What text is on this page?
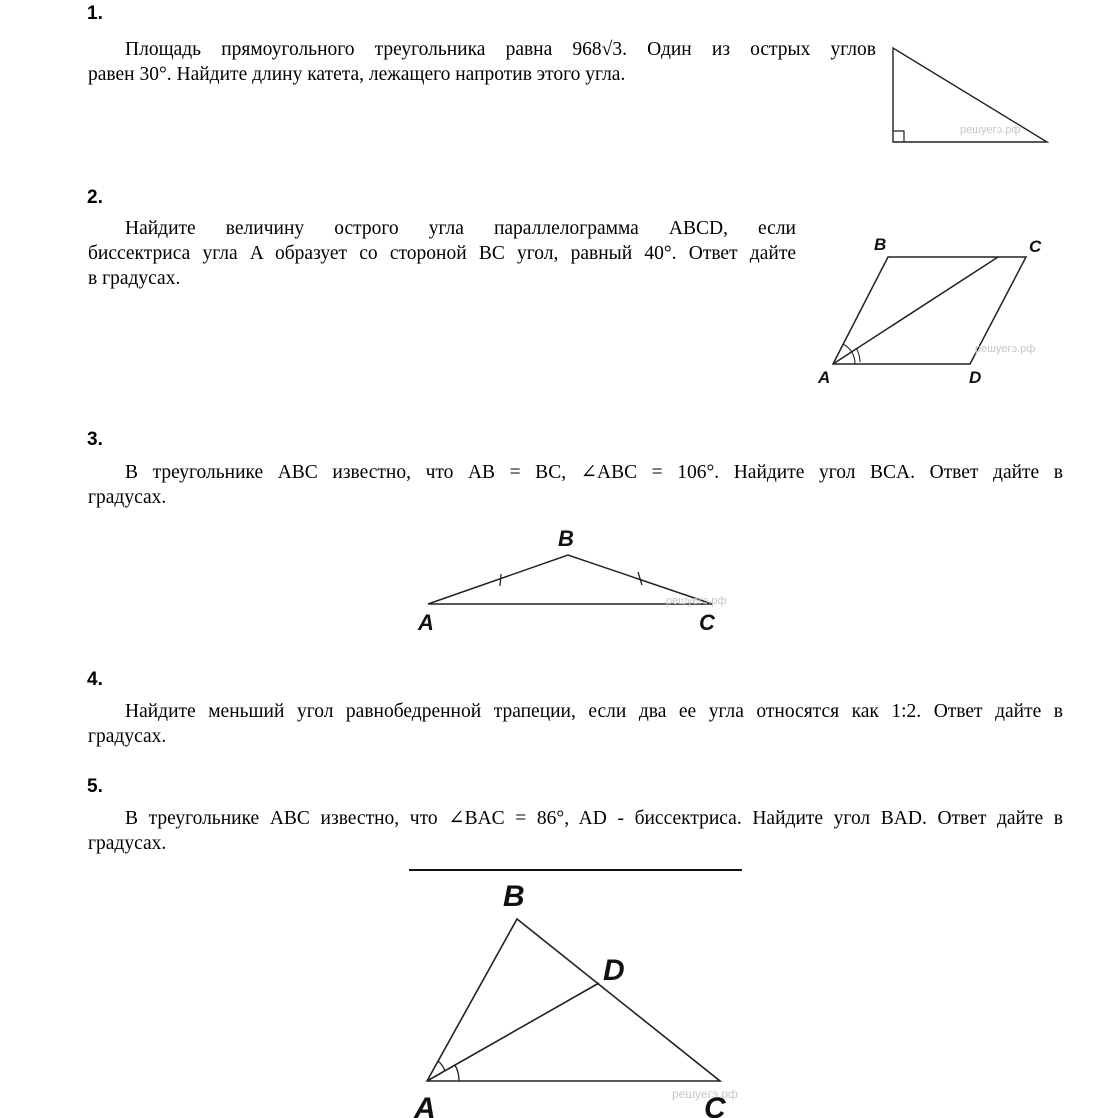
1.
Площадь прямоугольного треугольника равна 968√3. Один из острых углов
равен 30°. Найдите длину катета, лежащего напротив этого угла.
решуегэ.рф
2.
Найдите величину острого угла параллелограмма ABCD, если
биссектриса угла A образует со стороной BC угол, равный 40°. Ответ дайте
в градусах.
решуегэ.рф
A
B	C
D
3.
В треугольнике ABC известно, что AB = BC, ∠ABC = 106°. Найдите угол BCA. Ответ дайте в
градусах.
решуегэ.рф
B
A	C
4.
Найдите меньший угол равнобедренной трапеции, если два ее угла относятся как 1:2. Ответ дайте в
градусах.
5.
В треугольнике ABC известно, что ∠BAC = 86°, AD - биссектриса. Найдите угол BAD. Ответ дайте в
градусах.
решуегэ.рф
B
D
A	C
